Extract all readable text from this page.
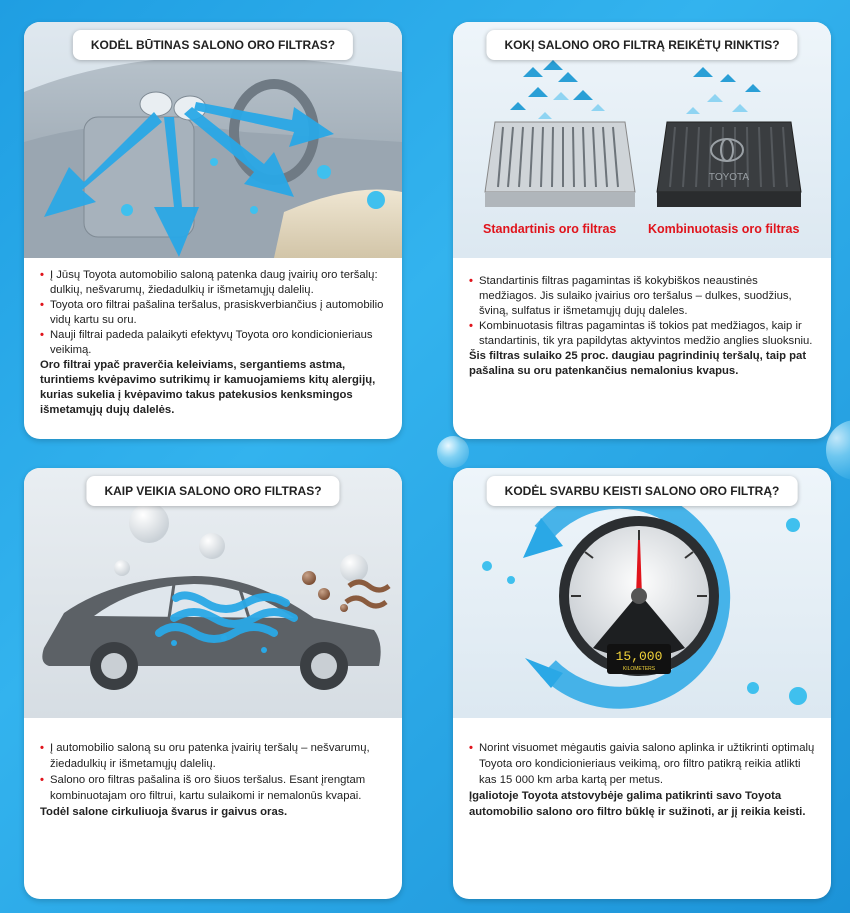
KODĖL BŪTINAS SALONO ORO FILTRAS?
• Į Jūsų Toyota automobilio saloną patenka daug įvairių oro teršalų: dulkių, nešvarumų, žiedadulkių ir išmetamųjų dalelių.
• Toyota oro filtrai pašalina teršalus, prasiskverbiančius į automobilio vidų kartu su oru.
• Nauji filtrai padeda palaikyti efektyvų Toyota oro kondicionieriaus veikimą.

Oro filtrai ypač praverčia keleiviams, sergantiems astma, turintiems kvėpavimo sutrikimų ir kamuojamiems kitų alergijų, kurias sukelia į kvėpavimo takus patekusios kenksmingos išmetamųjų dujų dalelės.

TOYOTA
Standartinis oro filtras	Kombinuotasis oro filtras
KOKĮ SALONO ORO FILTRĄ REIKĖTŲ RINKTIS?
• Standartinis filtras pagamintas iš kokybiškos neaustinės medžiagos. Jis sulaiko įvairius oro teršalus – dulkes, suodžius, šviną, sulfatus ir išmetamųjų dujų daleles.
• Kombinuotasis filtras pagamintas iš tokios pat medžiagos, kaip ir standartinis, tik yra papildytas aktyvintos medžio anglies sluoksniu.

Šis filtras sulaiko 25 proc. daugiau pagrindinių teršalų, taip pat pašalina su oru patenkančius nemalonius kvapus.

KAIP VEIKIA SALONO ORO FILTRAS?
• Į automobilio saloną su oru patenka įvairių teršalų – nešvarumų, žiedadulkių ir išmetamųjų dalelių.
• Salono oro filtras pašalina iš oro šiuos teršalus. Esant įrengtam kombinuotajam oro filtrui, kartu sulaikomi ir nemalonūs kvapai.

Todėl salone cirkuliuoja švarus ir gaivus oras.

15,000
KILOMETERS
KODĖL SVARBU KEISTI SALONO ORO FILTRĄ?
• Norint visuomet mėgautis gaivia salono aplinka ir užtikrinti optimalų Toyota oro kondicionieriaus veikimą, oro filtro patikrą reikia atlikti kas 15 000 km arba kartą per metus.

Įgaliotoje Toyota atstovybėje galima patikrinti savo Toyota automobilio salono oro filtro būklę ir sužinoti, ar jį reikia keisti.
